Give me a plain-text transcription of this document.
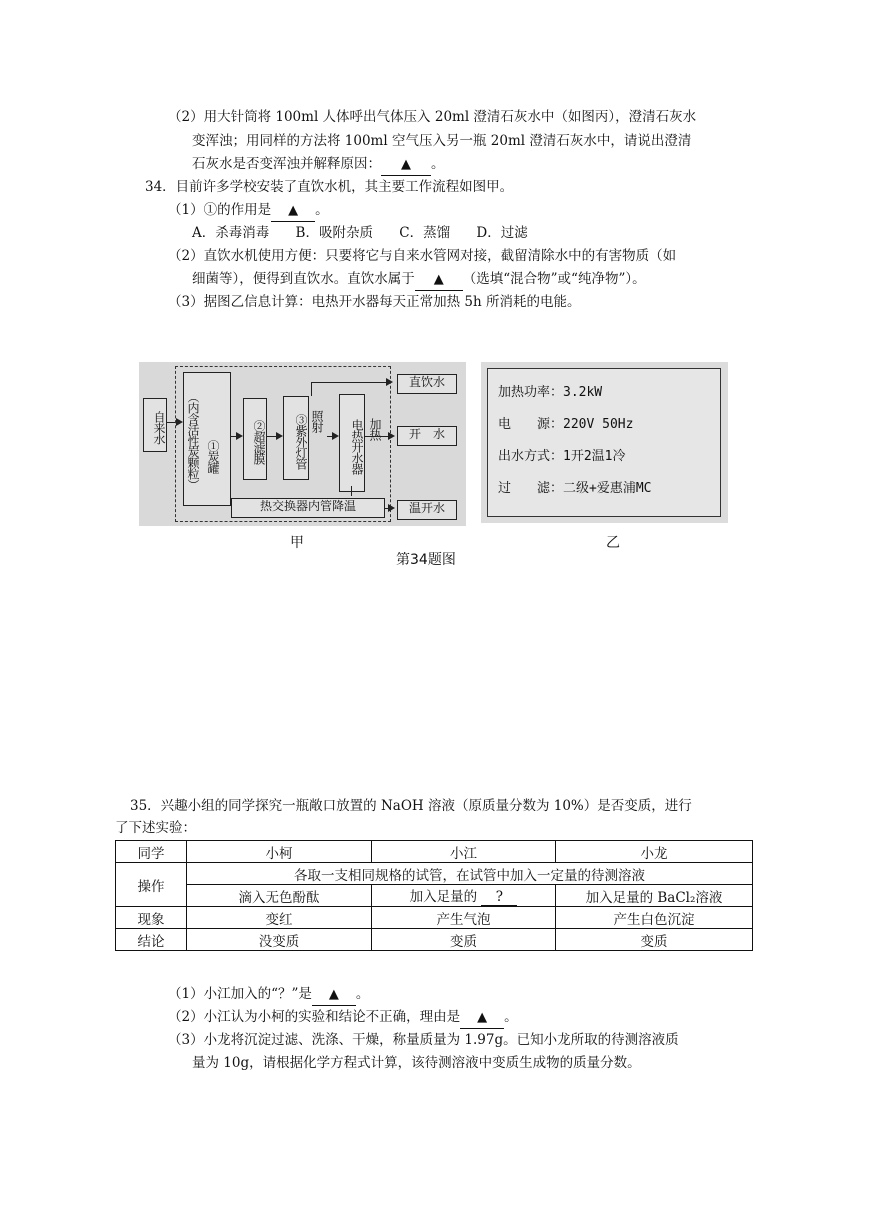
（2）用大针筒将 100ml 人体呼出气体压入 20ml 澄清石灰水中（如图丙），澄清石灰水
变浑浊；用同样的方法将 100ml 空气压入另一瓶 20ml 澄清石灰水中，请说出澄清
石灰水是否变浑浊并解释原因： ▲ 。
34．目前许多学校安装了直饮水机，其主要工作流程如图甲。
（1）①的作用是 ▲ 。
A．杀毒消毒 B．吸附杂质 C．蒸馏 D．过滤
（2）直饮水机使用方便：只要将它与自来水管网对接，截留清除水中的有害物质（如
细菌等），便得到直饮水。直饮水属于 ▲ （选填“混合物”或“纯净物”）。
（3）据图乙信息计算：电热开水器每天正常加热 5h 所消耗的电能。
自来水 （内含活性炭颗粒） ①炭罐	②超滤膜	③紫外灯管 照射	电热开水器 加热
直饮水
开　水
热交换器内管降温	温开水
甲
加热功率：3.2kW
电　　源：220V 50Hz
出水方式：1开2温1冷
过　　滤：二级+爱惠浦MC
乙
第34题图
35．兴趣小组的同学探究一瓶敞口放置的 NaOH 溶液（原质量分数为 10%）是否变质，进行
了下述实验：
同学	小柯	小江	小龙
操作	各取一支相同规格的试管，在试管中加入一定量的待测溶液		
	滴入无色酚酞	加入足量的 ?	加入足量的 BaCl₂溶液
现象	变红	产生气泡	产生白色沉淀
结论	没变质	变质	变质
（1）小江加入的“？”是 ▲ 。
（2）小江认为小柯的实验和结论不正确，理由是 ▲ 。
（3）小龙将沉淀过滤、洗涤、干燥，称量质量为 1.97g。已知小龙所取的待测溶液质
量为 10g，请根据化学方程式计算，该待测溶液中变质生成物的质量分数。
